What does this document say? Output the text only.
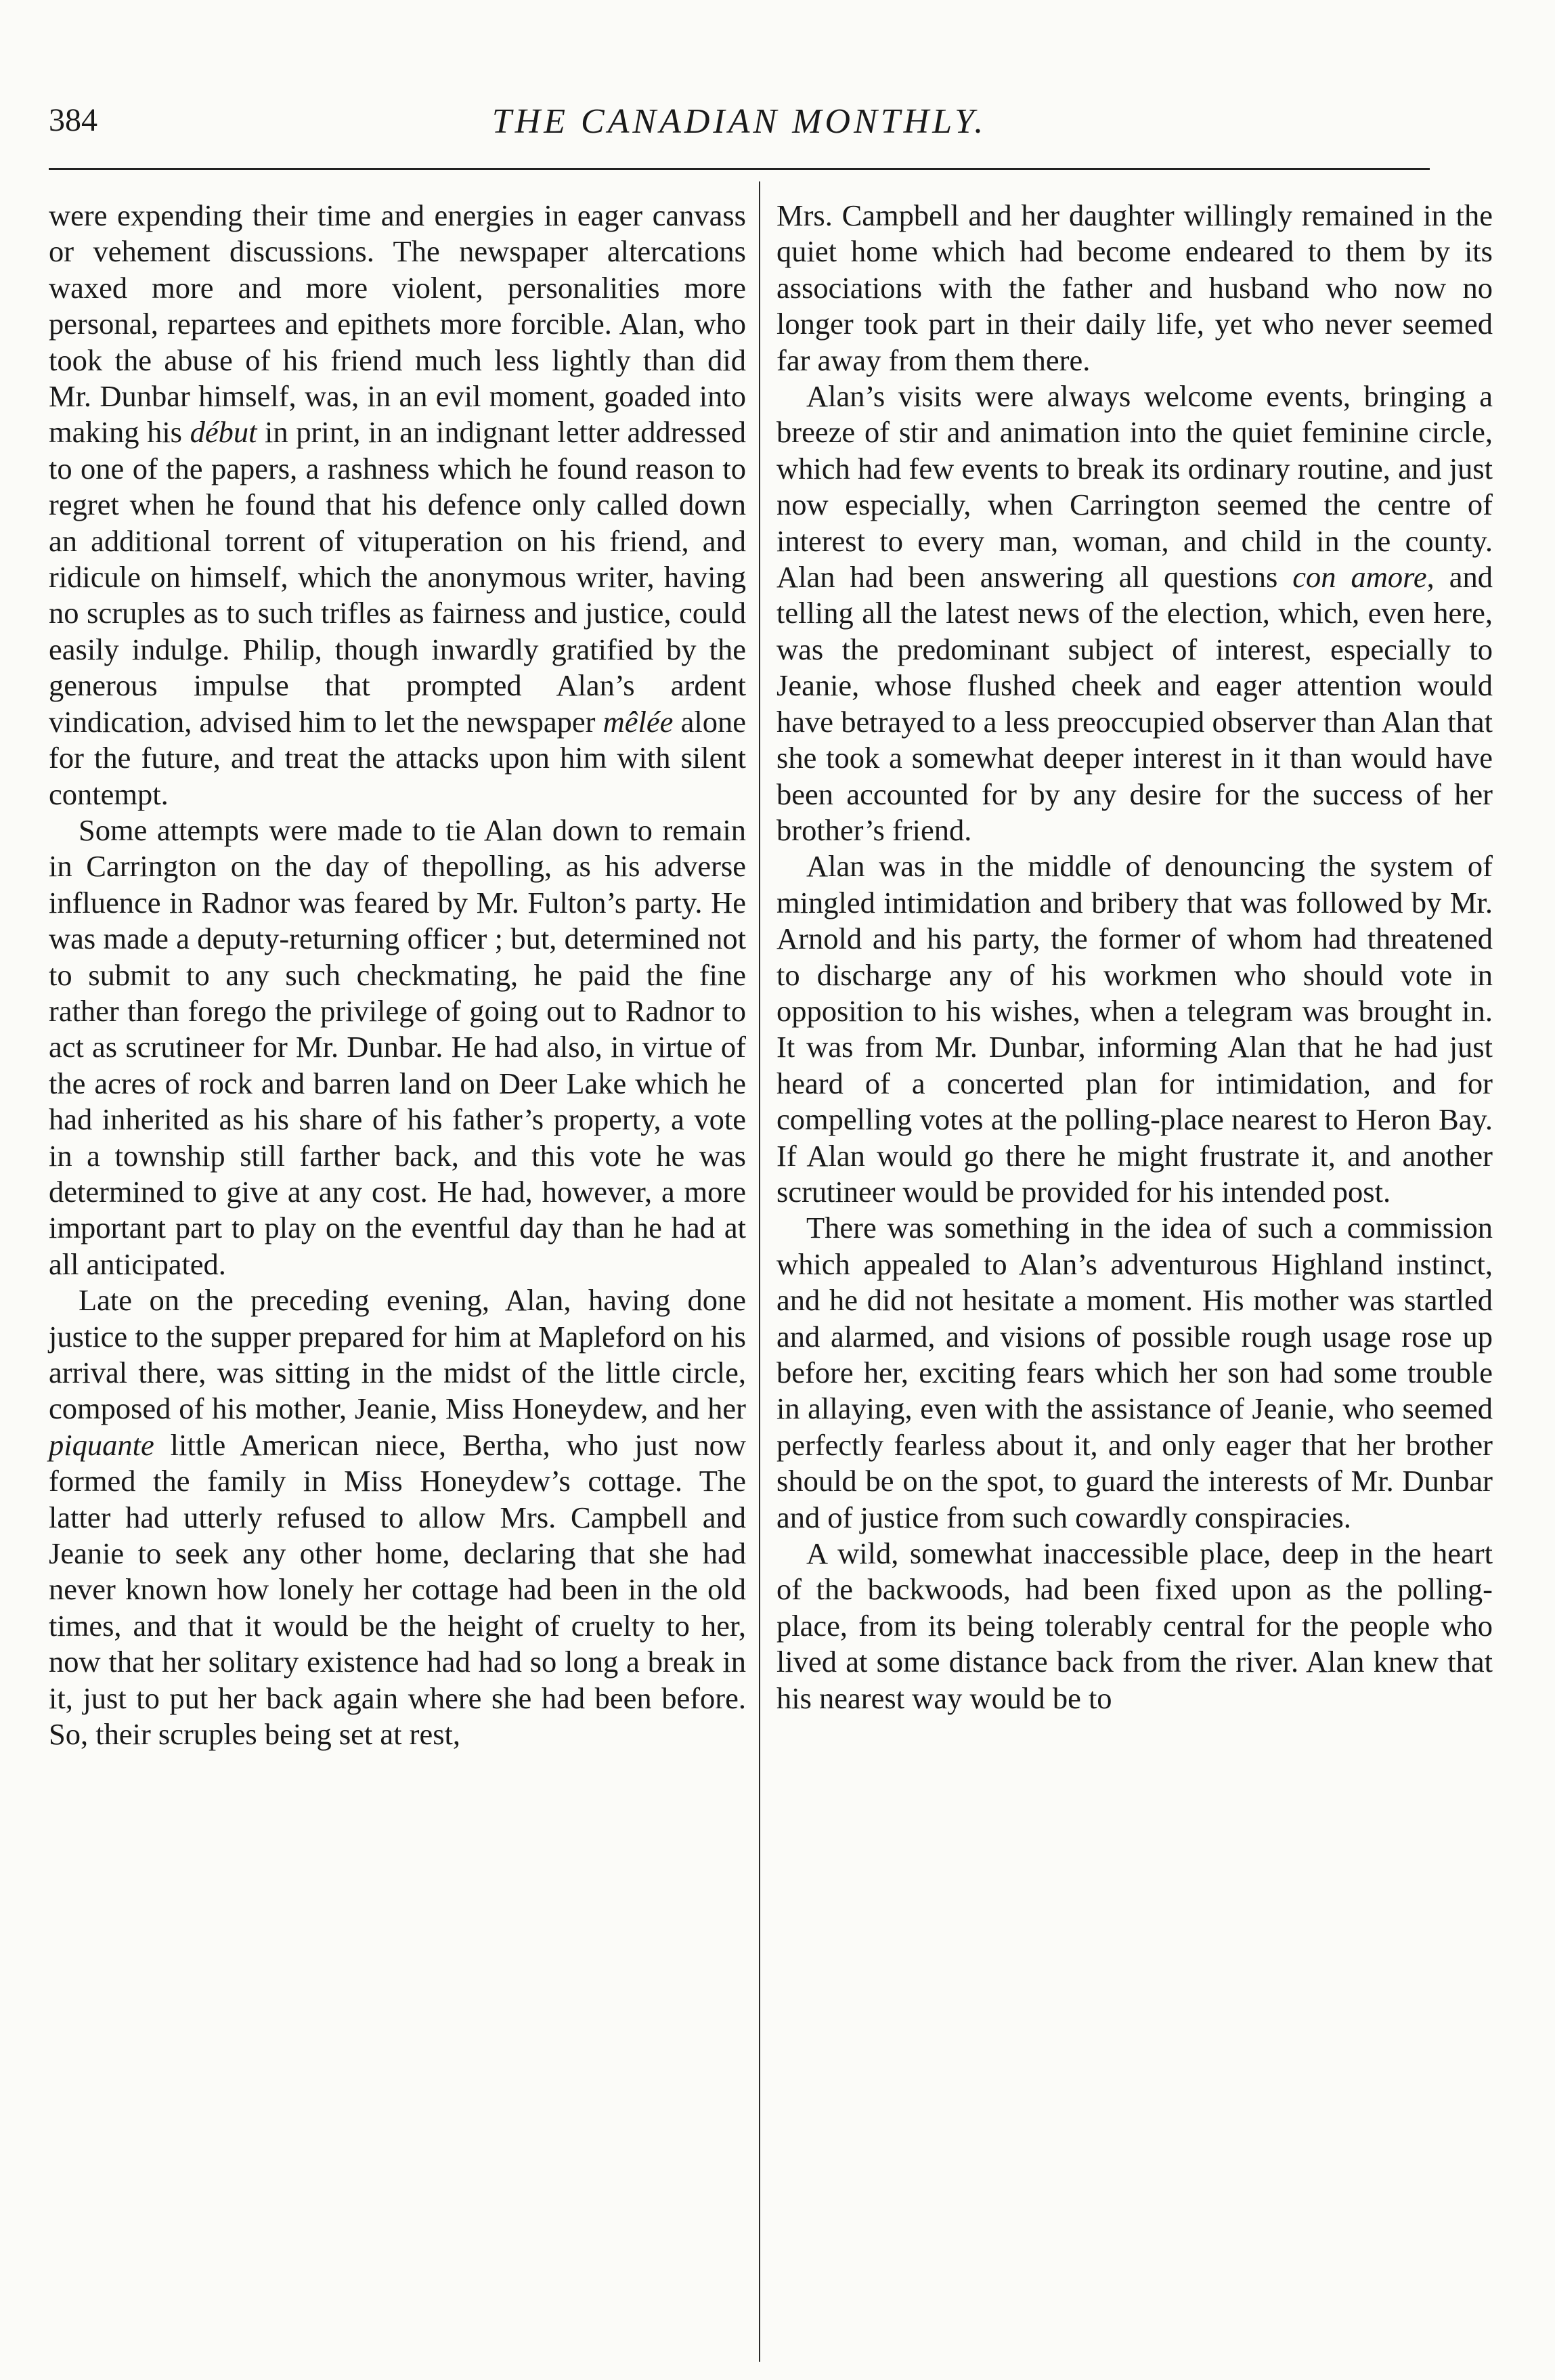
384	THE CANADIAN MONTHLY.

were expending their time and energies in eager canvass or vehement discussions. The newspaper altercations waxed more and more violent, personalities more personal, repartees and epithets more forcible. Alan, who took the abuse of his friend much less lightly than did Mr. Dunbar himself, was, in an evil moment, goaded into making his début in print, in an indignant letter addressed to one of the papers, a rashness which he found reason to regret when he found that his defence only called down an additional torrent of vituperation on his friend, and ridicule on himself, which the anonymous writer, having no scruples as to such trifles as fairness and justice, could easily indulge. Philip, though inwardly gratified by the generous impulse that prompted Alan’s ardent vindication, advised him to let the newspaper mêlée alone for the future, and treat the attacks upon him with silent contempt.

Some attempts were made to tie Alan down to remain in Carrington on the day of thepolling, as his adverse influence in Radnor was feared by Mr. Fulton’s party. He was made a deputy-returning officer ; but, determined not to submit to any such checkmating, he paid the fine rather than forego the privilege of going out to Radnor to act as scrutineer for Mr. Dunbar. He had also, in virtue of the acres of rock and barren land on Deer Lake which he had inherited as his share of his father’s property, a vote in a township still farther back, and this vote he was determined to give at any cost. He had, however, a more important part to play on the eventful day than he had at all anticipated.

Late on the preceding evening, Alan, having done justice to the supper prepared for him at Mapleford on his arrival there, was sitting in the midst of the little circle, composed of his mother, Jeanie, Miss Honeydew, and her piquante little American niece, Bertha, who just now formed the family in Miss Honeydew’s cottage. The latter had utterly refused to allow Mrs. Campbell and Jeanie to seek any other home, declaring that she had never known how lonely her cottage had been in the old times, and that it would be the height of cruelty to her, now that her solitary existence had had so long a break in it, just to put her back again where she had been before. So, their scruples being set at rest,

Mrs. Campbell and her daughter willingly remained in the quiet home which had become endeared to them by its associations with the father and husband who now no longer took part in their daily life, yet who never seemed far away from them there.

Alan’s visits were always welcome events, bringing a breeze of stir and animation into the quiet feminine circle, which had few events to break its ordinary routine, and just now especially, when Carrington seemed the centre of interest to every man, woman, and child in the county. Alan had been answering all questions con amore, and telling all the latest news of the election, which, even here, was the predominant subject of interest, especially to Jeanie, whose flushed cheek and eager attention would have betrayed to a less preoccupied observer than Alan that she took a somewhat deeper interest in it than would have been accounted for by any desire for the success of her brother’s friend.

Alan was in the middle of denouncing the system of mingled intimidation and bribery that was followed by Mr. Arnold and his party, the former of whom had threatened to discharge any of his workmen who should vote in opposition to his wishes, when a telegram was brought in. It was from Mr. Dunbar, informing Alan that he had just heard of a concerted plan for intimidation, and for compelling votes at the polling-place nearest to Heron Bay. If Alan would go there he might frustrate it, and another scrutineer would be provided for his intended post.

There was something in the idea of such a commission which appealed to Alan’s adventurous Highland instinct, and he did not hesitate a moment. His mother was startled and alarmed, and visions of possible rough usage rose up before her, exciting fears which her son had some trouble in allaying, even with the assistance of Jeanie, who seemed perfectly fearless about it, and only eager that her brother should be on the spot, to guard the interests of Mr. Dunbar and of justice from such cowardly conspiracies.

A wild, somewhat inaccessible place, deep in the heart of the backwoods, had been fixed upon as the polling-place, from its being tolerably central for the people who lived at some distance back from the river. Alan knew that his nearest way would be to
